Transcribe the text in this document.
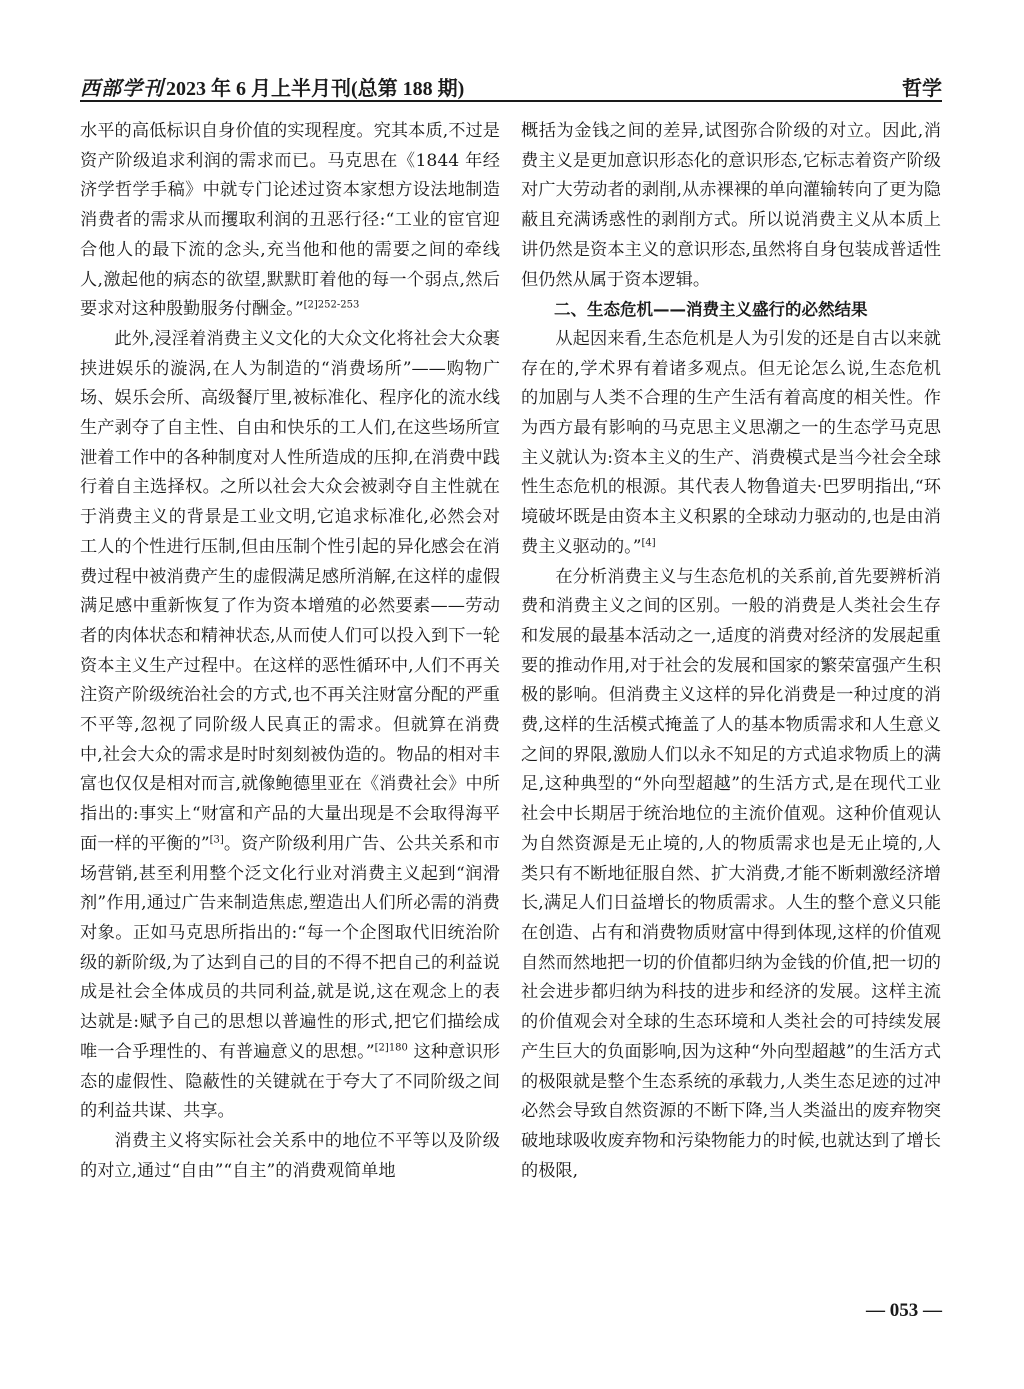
西部学刊 2023 年 6 月上半月刊(总第 188 期)	哲学

水平的高低标识自身价值的实现程度。究其本质,不过是资产阶级追求利润的需求而已。马克思在《1844 年经济学哲学手稿》中就专门论述过资本家想方设法地制造消费者的需求从而攫取利润的丑恶行径:“工业的宦官迎合他人的最下流的念头,充当他和他的需要之间的牵线人,激起他的病态的欲望,默默盯着他的每一个弱点,然后要求对这种殷勤服务付酬金。”$^{[2]252-253}$

此外,浸淫着消费主义文化的大众文化将社会大众裹挟进娱乐的漩涡,在人为制造的“消费场所”——购物广场、娱乐会所、高级餐厅里,被标准化、程序化的流水线生产剥夺了自主性、自由和快乐的工人们,在这些场所宣泄着工作中的各种制度对人性所造成的压抑,在消费中践行着自主选择权。之所以社会大众会被剥夺自主性就在于消费主义的背景是工业文明,它追求标准化,必然会对工人的个性进行压制,但由压制个性引起的异化感会在消费过程中被消费产生的虚假满足感所消解,在这样的虚假满足感中重新恢复了作为资本增殖的必然要素——劳动者的肉体状态和精神状态,从而使人们可以投入到下一轮资本主义生产过程中。在这样的恶性循环中,人们不再关注资产阶级统治社会的方式,也不再关注财富分配的严重不平等,忽视了同阶级人民真正的需求。但就算在消费中,社会大众的需求是时时刻刻被伪造的。物品的相对丰富也仅仅是相对而言,就像鲍德里亚在《消费社会》中所指出的:事实上“财富和产品的大量出现是不会取得海平面一样的平衡的”[3]。资产阶级利用广告、公共关系和市场营销,甚至利用整个泛文化行业对消费主义起到“润滑剂”作用,通过广告来制造焦虑,塑造出人们所必需的消费对象。正如马克思所指出的:“每一个企图取代旧统治阶级的新阶级,为了达到自己的目的不得不把自己的利益说成是社会全体成员的共同利益,就是说,这在观念上的表达就是:赋予自己的思想以普遍性的形式,把它们描绘成唯一合乎理性的、有普遍意义的思想。”$^{[2]180}$ 这种意识形态的虚假性、隐蔽性的关键就在于夸大了不同阶级之间的利益共谋、共享。

消费主义将实际社会关系中的地位不平等以及阶级的对立,通过“自由”“自主”的消费观简单地

概括为金钱之间的差异,试图弥合阶级的对立。因此,消费主义是更加意识形态化的意识形态,它标志着资产阶级对广大劳动者的剥削,从赤裸裸的单向灌输转向了更为隐蔽且充满诱惑性的剥削方式。所以说消费主义从本质上讲仍然是资本主义的意识形态,虽然将自身包装成普适性但仍然从属于资本逻辑。

二、生态危机——消费主义盛行的必然结果

从起因来看,生态危机是人为引发的还是自古以来就存在的,学术界有着诸多观点。但无论怎么说,生态危机的加剧与人类不合理的生产生活有着高度的相关性。作为西方最有影响的马克思主义思潮之一的生态学马克思主义就认为:资本主义的生产、消费模式是当今社会全球性生态危机的根源。其代表人物鲁道夫·巴罗明指出,“环境破坏既是由资本主义积累的全球动力驱动的,也是由消费主义驱动的。”[4]

在分析消费主义与生态危机的关系前,首先要辨析消费和消费主义之间的区别。一般的消费是人类社会生存和发展的最基本活动之一,适度的消费对经济的发展起重要的推动作用,对于社会的发展和国家的繁荣富强产生积极的影响。但消费主义这样的异化消费是一种过度的消费,这样的生活模式掩盖了人的基本物质需求和人生意义之间的界限,激励人们以永不知足的方式追求物质上的满足,这种典型的“外向型超越”的生活方式,是在现代工业社会中长期居于统治地位的主流价值观。这种价值观认为自然资源是无止境的,人的物质需求也是无止境的,人类只有不断地征服自然、扩大消费,才能不断刺激经济增长,满足人们日益增长的物质需求。人生的整个意义只能在创造、占有和消费物质财富中得到体现,这样的价值观自然而然地把一切的价值都归纳为金钱的价值,把一切的社会进步都归纳为科技的进步和经济的发展。这样主流的价值观会对全球的生态环境和人类社会的可持续发展产生巨大的负面影响,因为这种“外向型超越”的生活方式的极限就是整个生态系统的承载力,人类生态足迹的过冲必然会导致自然资源的不断下降,当人类溢出的废弃物突破地球吸收废弃物和污染物能力的时候,也就达到了增长的极限,

— 053 —
